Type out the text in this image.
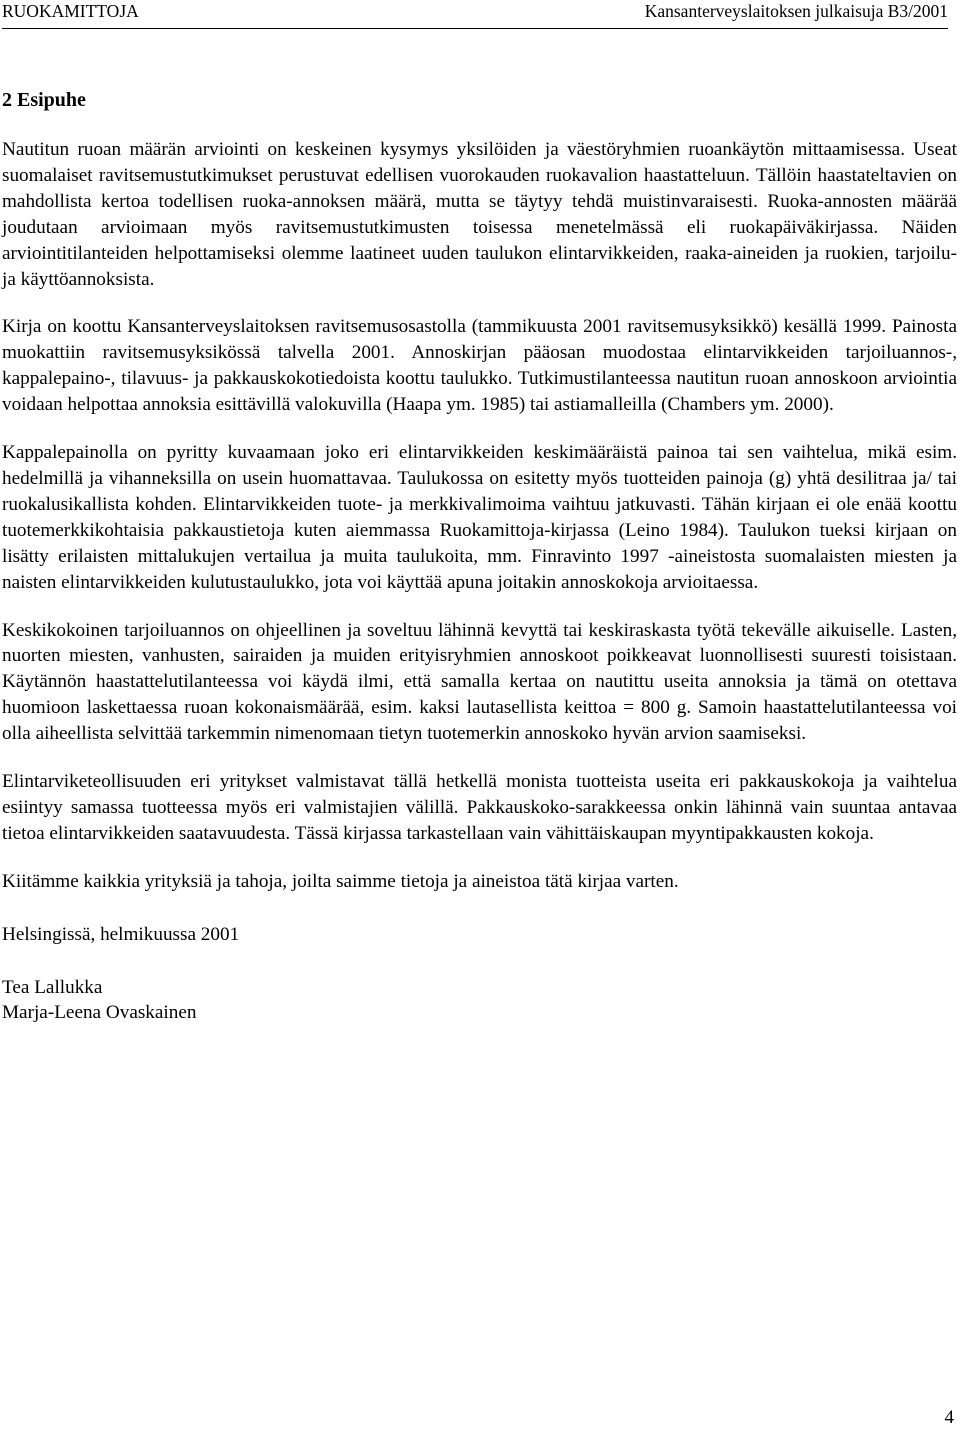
RUOKAMITTOJA	Kansanterveyslaitoksen julkaisuja B3/2001
2 Esipuhe

Nautitun ruoan määrän arviointi on keskeinen kysymys yksilöiden ja väestöryhmien ruoankäytön mittaamisessa. Useat suomalaiset ravitsemustutkimukset perustuvat edellisen vuorokauden ruokavalion haastatteluun. Tällöin haastateltavien on mahdollista kertoa todellisen ruoka-annoksen määrä, mutta se täytyy tehdä muistinvaraisesti. Ruoka-annosten määrää joudutaan arvioimaan myös ravitsemustutkimusten toisessa menetelmässä eli ruokapäiväkirjassa. Näiden arviointitilanteiden helpottamiseksi olemme laatineet uuden taulukon elintarvikkeiden, raaka-aineiden ja ruokien, tarjoilu- ja käyttöannoksista.

Kirja on koottu Kansanterveyslaitoksen ravitsemusosastolla (tammikuusta 2001 ravitsemusyksikkö) kesällä 1999. Painosta muokattiin ravitsemusyksikössä talvella 2001. Annoskirjan pääosan muodostaa elintarvikkeiden tarjoiluannos-, kappalepaino-, tilavuus- ja pakkauskokotiedoista koottu taulukko. Tutkimustilanteessa nautitun ruoan annoskoon arviointia voidaan helpottaa annoksia esittävillä valokuvilla (Haapa ym. 1985) tai astiamalleilla (Chambers ym. 2000).

Kappalepainolla on pyritty kuvaamaan joko eri elintarvikkeiden keskimääräistä painoa tai sen vaihtelua, mikä esim. hedelmillä ja vihanneksilla on usein huomattavaa. Taulukossa on esitetty myös tuotteiden painoja (g) yhtä desilitraa ja/ tai ruokalusikallista kohden. Elintarvikkeiden tuote- ja merkkivalimoima vaihtuu jatkuvasti. Tähän kirjaan ei ole enää koottu tuotemerkkikohtaisia pakkaustietoja kuten aiemmassa Ruokamittoja-kirjassa (Leino 1984). Taulukon tueksi kirjaan on lisätty erilaisten mittalukujen vertailua ja muita taulukoita, mm. Finravinto 1997 -aineistosta suomalaisten miesten ja naisten elintarvikkeiden kulutustaulukko, jota voi käyttää apuna joitakin annoskokoja arvioitaessa.

Keskikokoinen tarjoiluannos on ohjeellinen ja soveltuu lähinnä kevyttä tai keskiraskasta työtä tekevälle aikuiselle. Lasten, nuorten miesten, vanhusten, sairaiden ja muiden erityisryhmien annoskoot poikkeavat luonnollisesti suuresti toisistaan. Käytännön haastattelutilanteessa voi käydä ilmi, että samalla kertaa on nautittu useita annoksia ja tämä on otettava huomioon laskettaessa ruoan kokonaismäärää, esim. kaksi lautasellista keittoa = 800 g. Samoin haastattelutilanteessa voi olla aiheellista selvittää tarkemmin nimenomaan tietyn tuotemerkin annoskoko hyvän arvion saamiseksi.

Elintarviketeollisuuden eri yritykset valmistavat tällä hetkellä monista tuotteista useita eri pakkauskokoja ja vaihtelua esiintyy samassa tuotteessa myös eri valmistajien välillä. Pakkauskoko-sarakkeessa onkin lähinnä vain suuntaa antavaa tietoa elintarvikkeiden saatavuudesta. Tässä kirjassa tarkastellaan vain vähittäiskaupan myyntipakkausten kokoja.

Kiitämme kaikkia yrityksiä ja tahoja, joilta saimme tietoja ja aineistoa tätä kirjaa varten.

Helsingissä, helmikuussa 2001

Tea Lallukka

Marja-Leena Ovaskainen

4
